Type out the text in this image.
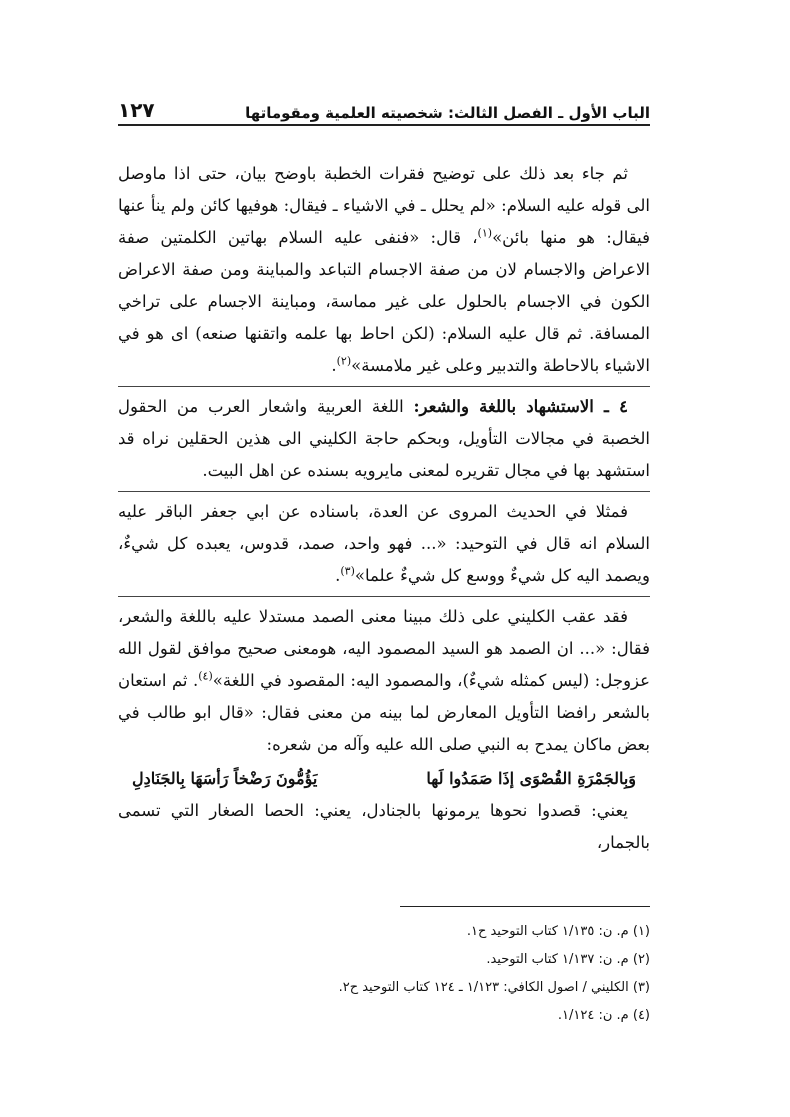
الباب الأول ـ الفصل الثالث: شخصيته العلمية ومقوماتها
١٢٧

ثم جاء بعد ذلك على توضيح فقرات الخطبة باوضح بيان، حتى اذا ماوصل الى قوله عليه السلام: «لم يحلل ـ في الاشياء ـ فيقال: هوفيها كائن ولم ينأ عنها فيقال: هو منها بائن»$^{(١)}$، قال: «فنفى عليه السلام بهاتين الكلمتين صفة الاعراض والاجسام لان من صفة الاجسام التباعد والمباينة ومن صفة الاعراض الكون في الاجسام بالحلول على غير مماسة، ومباينة الاجسام على تراخي المسافة. ثم قال عليه السلام: (لكن احاط بها علمه واتقنها صنعه) اى هو في الاشياء بالاحاطة والتدبير وعلى غير ملامسة»$^{(٢)}$.

٤ ـ الاستشهاد باللغة والشعر: اللغة العربية واشعار العرب من الحقول الخصبة في مجالات التأويل، وبحكم حاجة الكليني الى هذين الحقلين نراه قد استشهد بها في مجال تقريره لمعنى مايرويه بسنده عن اهل البيت.

فمثلا في الحديث المروى عن العدة، باسناده عن ابي جعفر الباقر عليه السلام انه قال في التوحيد: «... فهو واحد، صمد، قدوس، يعبده كل شيءٌ، ويصمد اليه كل شيءٌ ووسع كل شيءٌ علما»$^{(٣)}$.

فقد عقب الكليني على ذلك مبينا معنى الصمد مستدلا عليه باللغة والشعر، فقال: «... ان الصمد هو السيد المصمود اليه، هومعنى صحيح موافق لقول الله عزوجل: (ليس كمثله شيءٌ)، والمصمود اليه: المقصود في اللغة»$^{(٤)}$. ثم استعان بالشعر رافضا التأويل المعارض لما بينه من معنى فقال: «قال ابو طالب في بعض ماكان يمدح به النبي صلى الله عليه وآله من شعره:

وَبِالجَمْرَةِ القُصْوَى إذَا صَمَدُوا لَها
يَؤُمُّونَ رَضْخاً رَأسَهَا بِالجَنَادِلِ

يعني: قصدوا نحوها يرمونها بالجنادل، يعني: الحصا الصغار التي تسمى بالجمار،

(١) م. ن: ١/١٣٥ كتاب التوحيد ح١.

(٢) م. ن: ١/١٣٧ كتاب التوحيد.

(٣) الكليني / اصول الكافي: ١/١٢٣ ـ ١٢٤ كتاب التوحيد ح٢.

(٤) م. ن: ١/١٢٤.
